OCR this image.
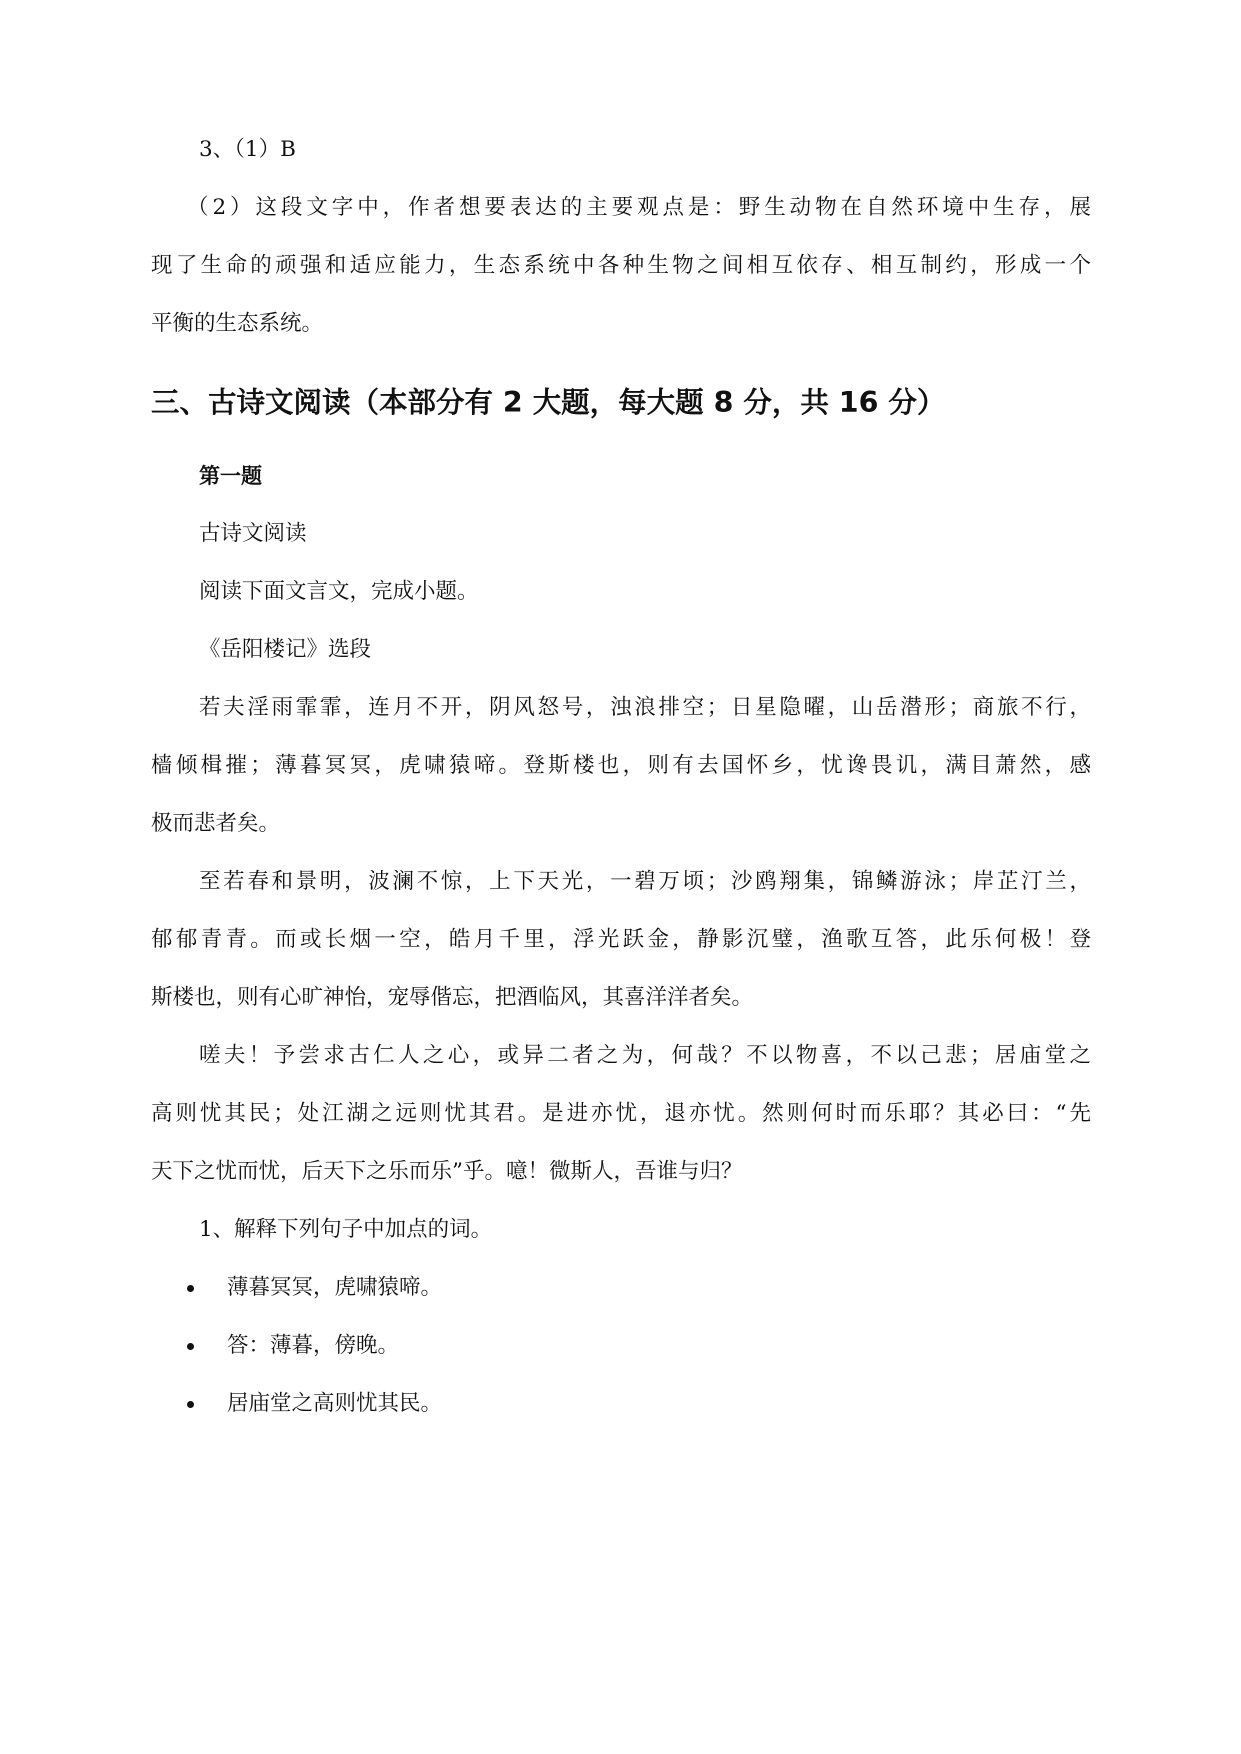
3、（1）B
（2）这段文字中，作者想要表达的主要观点是：野生动物在自然环境中生存，展
现了生命的顽强和适应能力，生态系统中各种生物之间相互依存、相互制约，形成一个
平衡的生态系统。
三、古诗文阅读（本部分有 2 大题，每大题 8 分，共 16 分）
第一题
古诗文阅读
阅读下面文言文，完成小题。
《岳阳楼记》选段
若夫淫雨霏霏，连月不开，阴风怒号，浊浪排空；日星隐曜，山岳潜形；商旅不行，
樯倾楫摧；薄暮冥冥，虎啸猿啼。登斯楼也，则有去国怀乡，忧谗畏讥，满目萧然，感
极而悲者矣。
至若春和景明，波澜不惊，上下天光，一碧万顷；沙鸥翔集，锦鳞游泳；岸芷汀兰，
郁郁青青。而或长烟一空，皓月千里，浮光跃金，静影沉璧，渔歌互答，此乐何极！登
斯楼也，则有心旷神怡，宠辱偕忘，把酒临风，其喜洋洋者矣。
嗟夫！予尝求古仁人之心，或异二者之为，何哉？不以物喜，不以己悲；居庙堂之
高则忧其民；处江湖之远则忧其君。是进亦忧，退亦忧。然则何时而乐耶？其必曰：“先
天下之忧而忧，后天下之乐而乐”乎。噫！微斯人，吾谁与归？
1、解释下列句子中加点的词。
薄暮冥冥，虎啸猿啼。
答：薄暮，傍晚。
居庙堂之高则忧其民。
